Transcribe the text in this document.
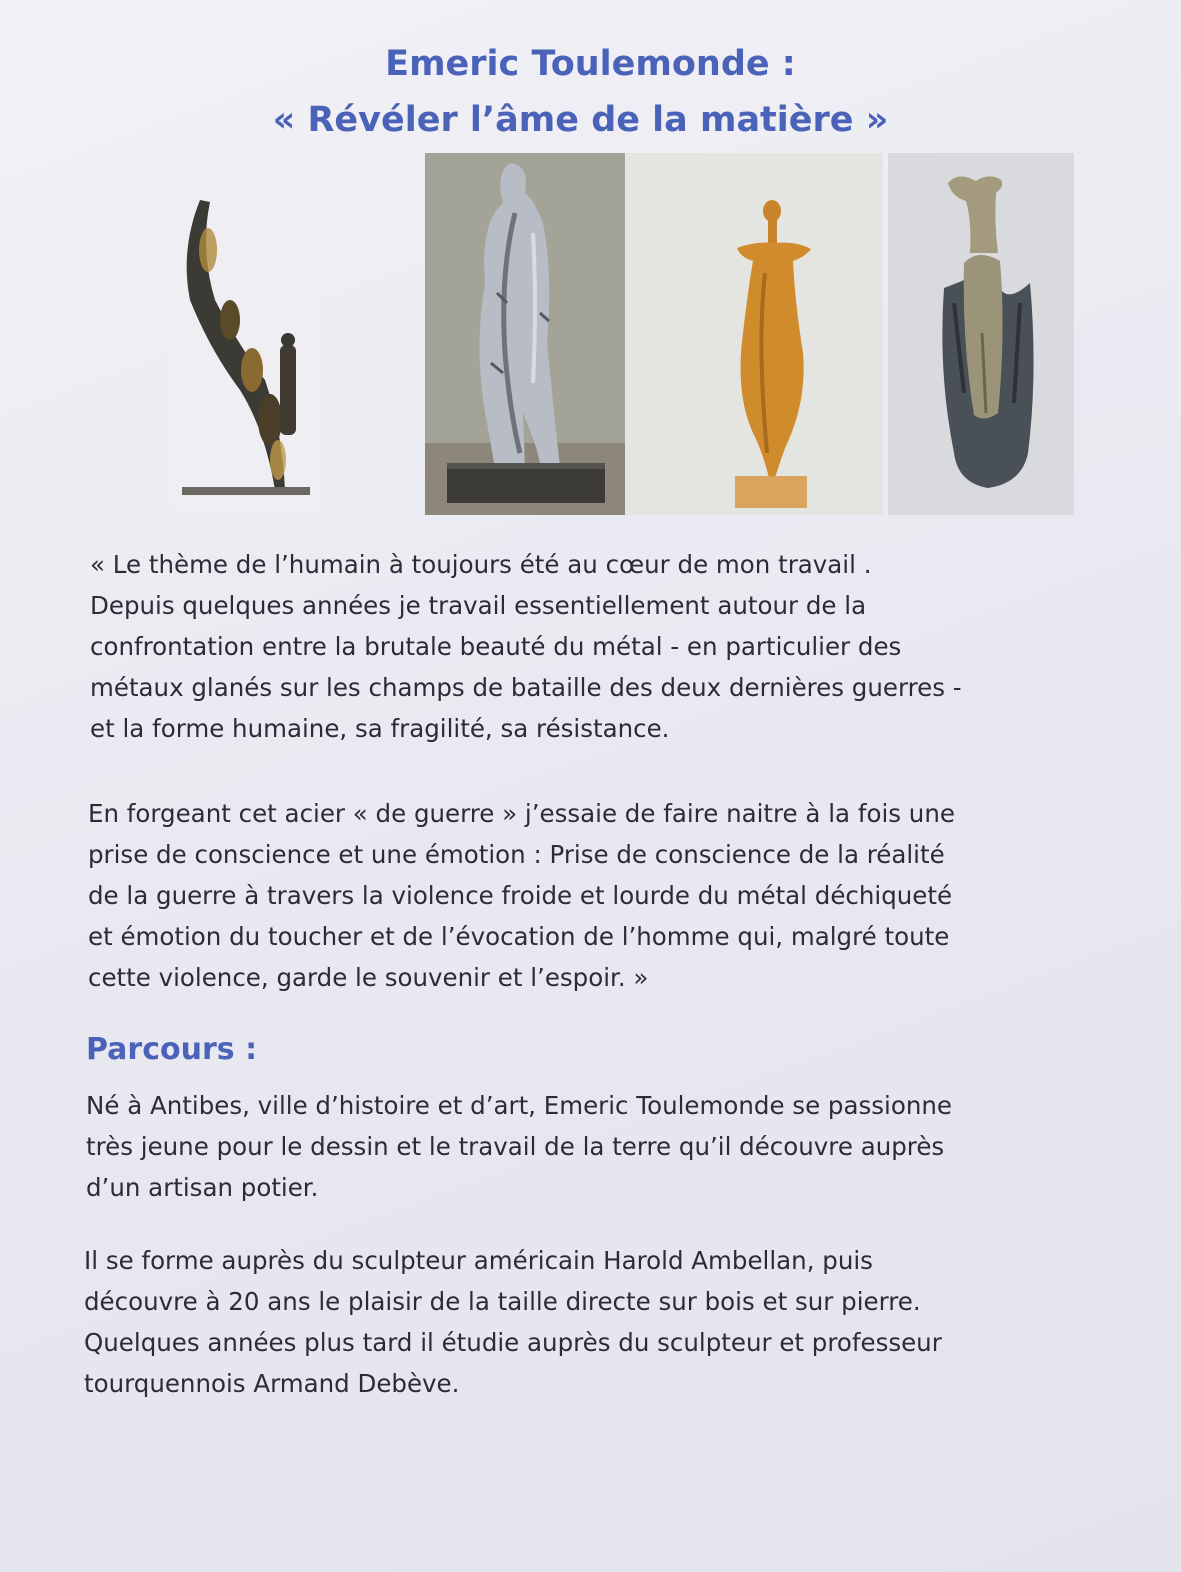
Emeric Toulemonde :
« Révéler l’âme de la matière »
« Le thème de l’humain à toujours été au cœur de mon travail .
Depuis quelques années je travail essentiellement autour de la
confrontation entre la brutale beauté du métal - en particulier des
métaux glanés sur les champs de bataille des deux dernières guerres -
et la forme humaine, sa fragilité, sa résistance.
En forgeant cet acier « de guerre » j’essaie de faire naitre à la fois une
prise de conscience et une émotion : Prise de conscience de la réalité
de la guerre à travers la violence froide et lourde du métal déchiqueté
et émotion du toucher et de l’évocation de l’homme qui, malgré toute
cette violence, garde le souvenir et l’espoir. »
Parcours :
Né à Antibes, ville d’histoire et d’art, Emeric Toulemonde se passionne
très jeune pour le dessin et le travail de la terre qu’il découvre auprès
d’un artisan potier.
Il se forme auprès du sculpteur américain Harold Ambellan, puis
découvre à 20 ans le plaisir de la taille directe sur bois et sur pierre.
Quelques années plus tard il étudie auprès du sculpteur et professeur
tourquennois Armand Debève.
